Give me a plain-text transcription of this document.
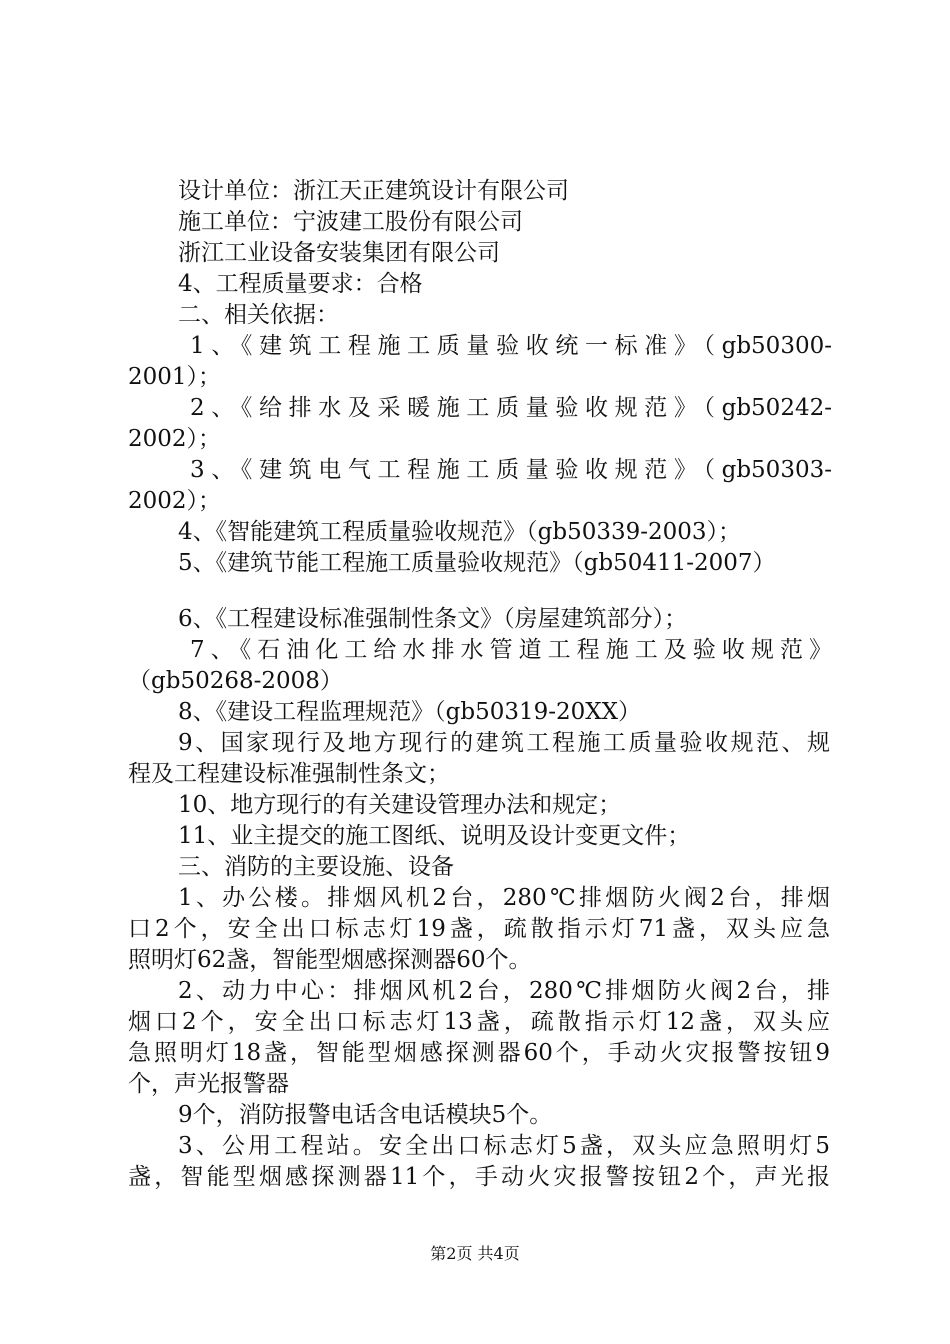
设计单位：浙江天正建筑设计有限公司
施工单位：宁波建工股份有限公司
浙江工业设备安装集团有限公司
4、工程质量要求：合格
二、相关依据：
1、《建筑工程施工质量验收统一标准》（gb50300-
2001）；
2、《给排水及采暖施工质量验收规范》（gb50242-
2002）；
3、《建筑电气工程施工质量验收规范》（gb50303-
2002）；
4、《智能建筑工程质量验收规范》（gb50339-2003）；
5、《建筑节能工程施工质量验收规范》（gb50411-2007）
6、《工程建设标准强制性条文》（房屋建筑部分）；
7、《石油化工给水排水管道工程施工及验收规范》
（gb50268-2008）
8、《建设工程监理规范》（gb50319-20XX）
9、国家现行及地方现行的建筑工程施工质量验收规范、规
程及工程建设标准强制性条文；
10、地方现行的有关建设管理办法和规定；
11、业主提交的施工图纸、说明及设计变更文件；
三、消防的主要设施、设备
1、办公楼。排烟风机2台，280℃排烟防火阀2台，排烟
口2个，安全出口标志灯19盏，疏散指示灯71盏，双头应急
照明灯62盏，智能型烟感探测器60个。
2、动力中心：排烟风机2台，280℃排烟防火阀2台，排
烟口2个，安全出口标志灯13盏，疏散指示灯12盏，双头应
急照明灯18盏，智能型烟感探测器60个，手动火灾报警按钮9
个，声光报警器
9个，消防报警电话含电话模块5个。
3、公用工程站。安全出口标志灯5盏，双头应急照明灯5
盏，智能型烟感探测器11个，手动火灾报警按钮2个，声光报
第2页 共4页
